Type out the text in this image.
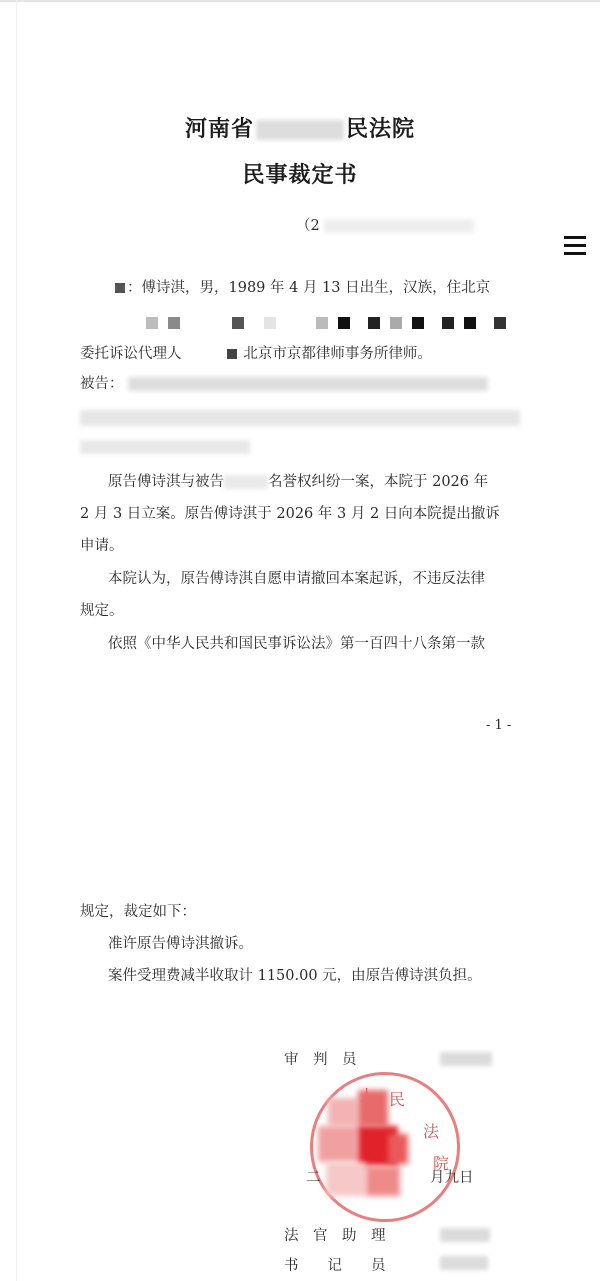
河南省	民法院
民事裁定书
（2
：傅诗淇，男，1989 年 4 月 13 日出生，汉族，住北京
委托诉讼代理人	北京市京都律师事务所律师。
被告：
原告傅诗淇与被告	名誉权纠纷一案，本院于 2026 年
2 月 3 日立案。原告傅诗淇于 2026 年 3 月 2 日向本院提出撤诉
申请。
本院认为，原告傅诗淇自愿申请撤回本案起诉，不违反法律
规定。
依照《中华人民共和国民事诉讼法》第一百四十八条第一款
- 1 -
规定，裁定如下：
准许原告傅诗淇撤诉。
案件受理费减半收取计 1150.00 元，由原告傅诗淇负担。
审　判　员
民
法
院
二	月九日
法　官　助　理
书　　记　　员
